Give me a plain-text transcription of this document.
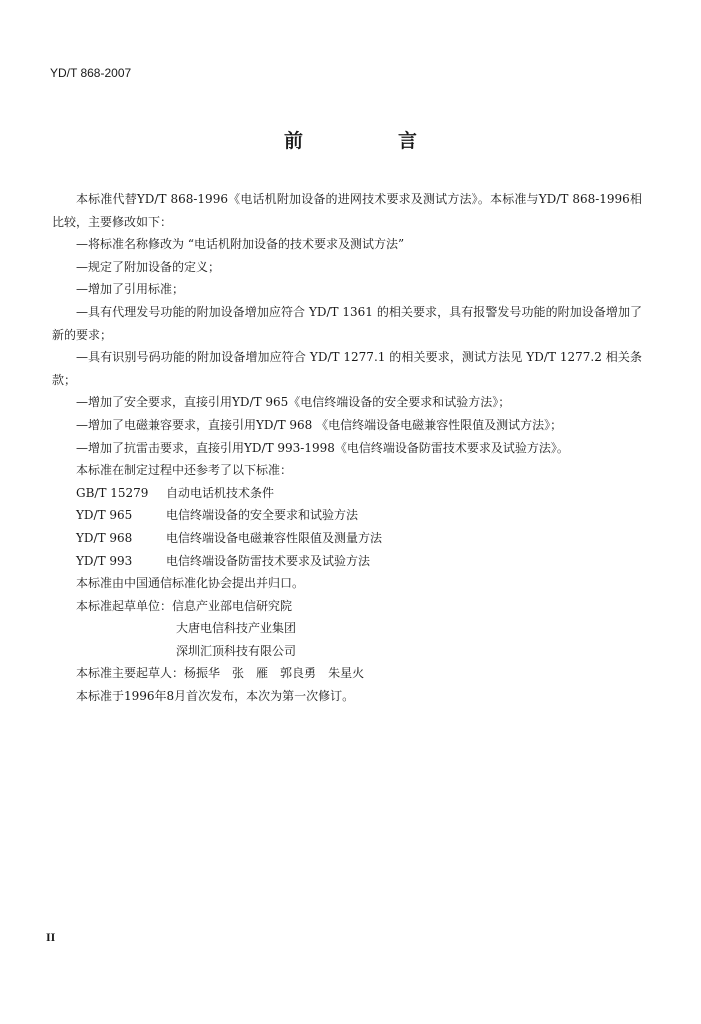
YD/T 868-2007
前　言

本标准代替YD/T 868-1996《电话机附加设备的进网技术要求及测试方法》。本标准与YD/T 868-1996相比较，主要修改如下：

—将标准名称修改为 “电话机附加设备的技术要求及测试方法”

—规定了附加设备的定义；

—增加了引用标准；

—具有代理发号功能的附加设备增加应符合 YD/T 1361 的相关要求，具有报警发号功能的附加设备增加了新的要求；

—具有识别号码功能的附加设备增加应符合 YD/T 1277.1 的相关要求，测试方法见 YD/T 1277.2 相关条款；

—增加了安全要求，直接引用YD/T 965《电信终端设备的安全要求和试验方法》；

—增加了电磁兼容要求，直接引用YD/T 968 《电信终端设备电磁兼容性限值及测试方法》；

—增加了抗雷击要求，直接引用YD/T 993-1998《电信终端设备防雷技术要求及试验方法》。

本标准在制定过程中还参考了以下标准：

GB/T 15279	自动电话机技术条件
YD/T 965	电信终端设备的安全要求和试验方法
YD/T 968	电信终端设备电磁兼容性限值及测量方法
YD/T 993	电信终端设备防雷技术要求及试验方法

本标准由中国通信标准化协会提出并归口。

本标准起草单位：信息产业部电信研究院

大唐电信科技产业集团

深圳汇顶科技有限公司

本标准主要起草人：杨振华 张　雁 郭良勇 朱星火

本标准于1996年8月首次发布，本次为第一次修订。

II
